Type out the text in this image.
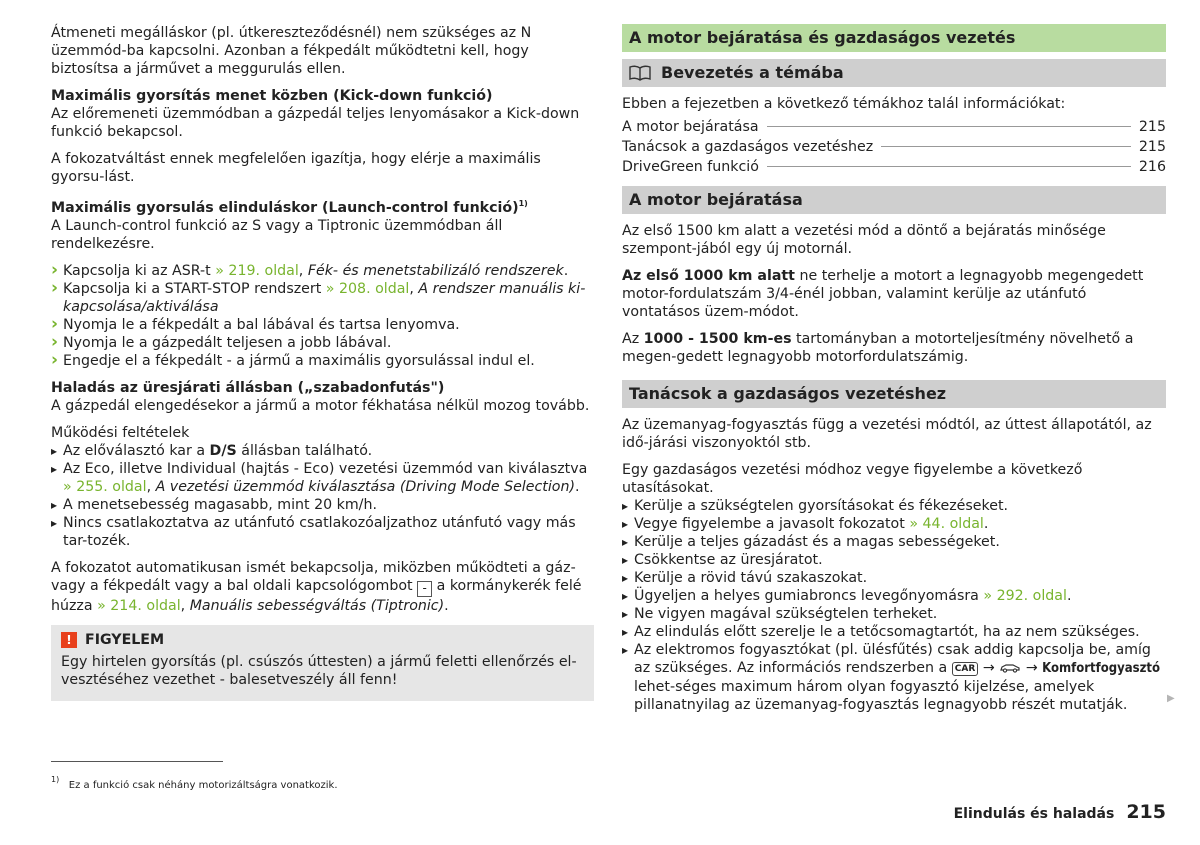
Átmeneti megálláskor (pl. útkereszteződésnél) nem szükséges az N üzemmód-ba kapcsolni. Azonban a fékpedált működtetni kell, hogy biztosítsa a járművet a meggurulás ellen.

Maximális gyorsítás menet közben (Kick-down funkció)
Az előremeneti üzemmódban a gázpedál teljes lenyomásakor a Kick-down funkció bekapcsol.

A fokozatváltást ennek megfelelően igazítja, hogy elérje a maximális gyorsu-lást.

Maximális gyorsulás elinduláskor (Launch-control funkció)$^{1)}$
A Launch-control funkció az S vagy a Tiptronic üzemmódban áll rendelkezésre.

› Kapcsolja ki az ASR-t » 219. oldal, Fék- és menetstabilizáló rendszerek.

› Kapcsolja ki a START-STOP rendszert » 208. oldal, A rendszer manuális ki-kapcsolása/aktiválása

› Nyomja le a fékpedált a bal lábával és tartsa lenyomva.

› Nyomja le a gázpedált teljesen a jobb lábával.

› Engedje el a fékpedált - a jármű a maximális gyorsulással indul el.

Haladás az üresjárati állásban („szabadonfutás")
A gázpedál elengedésekor a jármű a motor fékhatása nélkül mozog tovább.

Működési feltételek

▸ Az előválasztó kar a D/S állásban található.

▸ Az Eco, illetve Individual (hajtás - Eco) vezetési üzemmód van kiválasztva » 255. oldal, A vezetési üzemmód kiválasztása (Driving Mode Selection).

▸ A menetsebesség magasabb, mint 20 km/h.

▸ Nincs csatlakoztatva az utánfutó csatlakozóaljzathoz utánfutó vagy más tar-tozék.

A fokozatot automatikusan ismét bekapcsolja, miközben működteti a gáz-vagy a fékpedált vagy a bal oldali kapcsológombot - a kormánykerék felé húzza » 214. oldal, Manuális sebességváltás (Tiptronic).

! FIGYELEM
Egy hirtelen gyorsítás (pl. csúszós úttesten) a jármű feletti ellenőrzés el-vesztéséhez vezethet - balesetveszély áll fenn!
A motor bejáratása és gazdaságos vezetés
Bevezetés a témába

Ebben a fejezetben a következő témákhoz talál információkat:

A motor bejáratása	215
Tanácsok a gazdaságos vezetéshez	215
DriveGreen funkció	216
A motor bejáratása

Az első 1500 km alatt a vezetési mód a döntő a bejáratás minősége szempont-jából egy új motornál.

Az első 1000 km alatt ne terhelje a motort a legnagyobb megengedett motor-fordulatszám 3/4-énél jobban, valamint kerülje az utánfutó vontatásos üzem-módot.

Az 1000 - 1500 km-es tartományban a motorteljesítmény növelhető a megen-gedett legnagyobb motorfordulatszámig.

Tanácsok a gazdaságos vezetéshez

Az üzemanyag-fogyasztás függ a vezetési módtól, az úttest állapotától, az idő-járási viszonyoktól stb.

Egy gazdaságos vezetési módhoz vegye figyelembe a következő utasításokat.

▸ Kerülje a szükségtelen gyorsításokat és fékezéseket.

▸ Vegye figyelembe a javasolt fokozatot » 44. oldal.

▸ Kerülje a teljes gázadást és a magas sebességeket.

▸ Csökkentse az üresjáratot.

▸ Kerülje a rövid távú szakaszokat.

▸ Ügyeljen a helyes gumiabroncs levegőnyomásra » 292. oldal.

▸ Ne vigyen magával szükségtelen terheket.

▸ Az elindulás előtt szerelje le a tetőcsomagtartót, ha az nem szükséges.

▸ Az elektromos fogyasztókat (pl. ülésfűtés) csak addig kapcsolja be, amíg az szükséges. Az információs rendszerben a CAR → → Komfortfogyasztó lehet-séges maximum három olyan fogyasztó kijelzése, amelyek pillanatnyilag az üzemanyag-fogyasztás legnagyobb részét mutatják.	▶
$^{1)}$   Ez a funkció csak néhány motorizáltságra vonatkozik.
Elindulás és haladás 215
